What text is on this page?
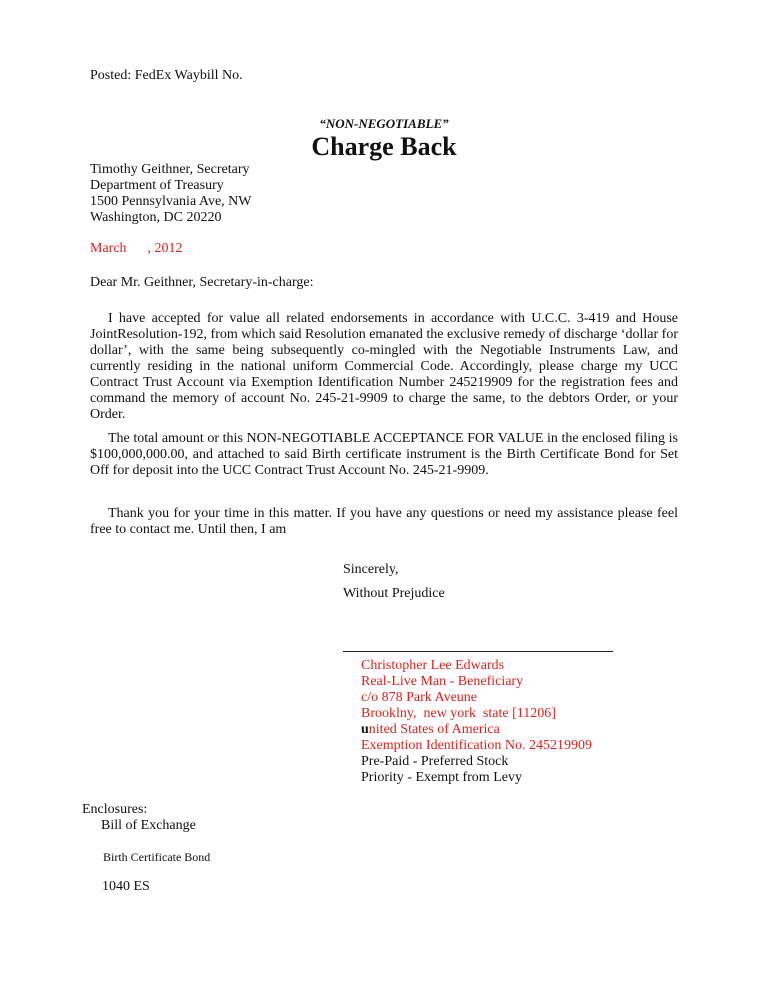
Posted: FedEx Waybill No.
“NON-NEGOTIABLE”
Charge Back
Timothy Geithner, Secretary
Department of Treasury
1500 Pennsylvania Ave, NW
Washington, DC 20220
March      , 2012
Dear Mr. Geithner, Secretary-in-charge:
I have accepted for value all related endorsements in accordance with U.C.C. 3-419 and House JointResolution-192, from which said Resolution emanated the exclusive remedy of discharge ‘dollar for dollar’, with the same being subsequently co-mingled with the Negotiable Instruments Law, and currently residing in the national uniform Commercial Code. Accordingly, please charge my UCC Contract Trust Account via Exemption Identification Number 245219909 for the registration fees and command the memory of account No. 245-21-9909 to charge the same, to the debtors Order, or your Order.
The total amount or this NON-NEGOTIABLE ACCEPTANCE FOR VALUE in the enclosed filing is $100,000,000.00, and attached to said Birth certificate instrument is the Birth Certificate Bond for Set Off for deposit into the UCC Contract Trust Account No. 245-21-9909.
Thank you for your time in this matter. If you have any questions or need my assistance please feel free to contact me. Until then, I am
Sincerely,
Without Prejudice
Christopher Lee Edwards
Real-Live Man - Beneficiary
c/o 878 Park Aveune
Brooklny,  new york  state [11206]
united States of America
Exemption Identification No. 245219909
Pre-Paid - Preferred Stock
Priority - Exempt from Levy
Enclosures:
Bill of Exchange
Birth Certificate Bond
1040 ES
